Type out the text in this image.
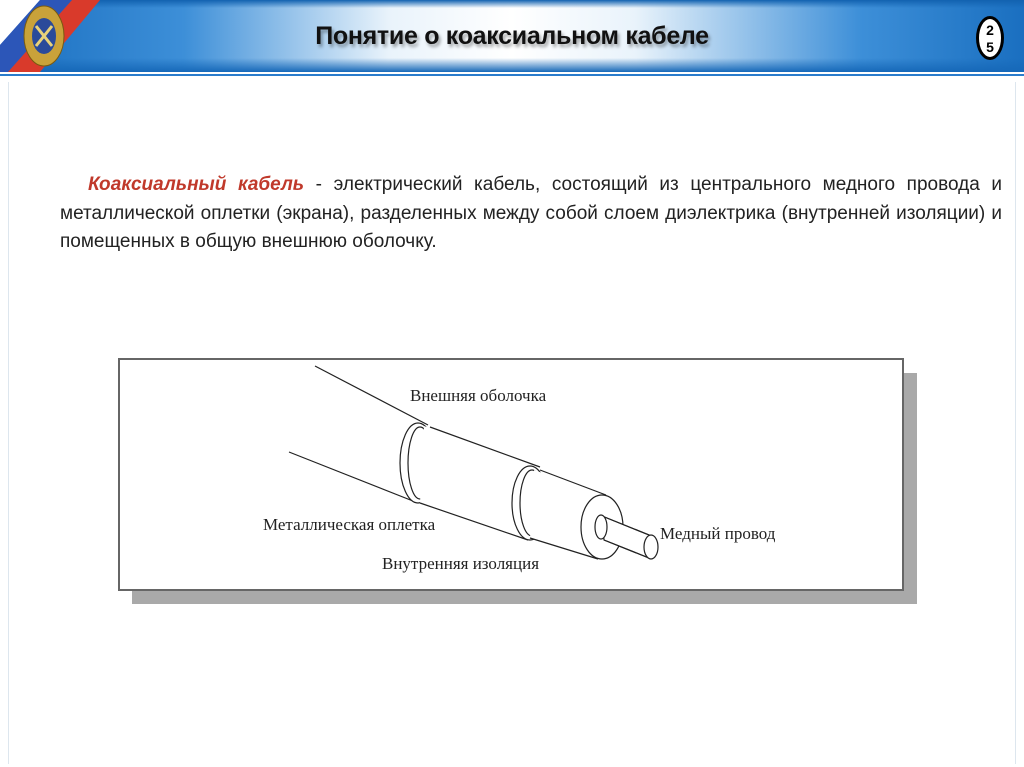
Понятие о коаксиальном кабеле	2
5
Коаксиальный кабель - электрический кабель, состоящий из центрального медного провода и металлической оплетки (экрана), разделенных между собой слоем диэлектрика (внутренней изоляции) и помещенных в общую внешнюю оболочку.
Внешняя оболочка
Металлическая оплетка
Внутренняя изоляция
Медный провод
